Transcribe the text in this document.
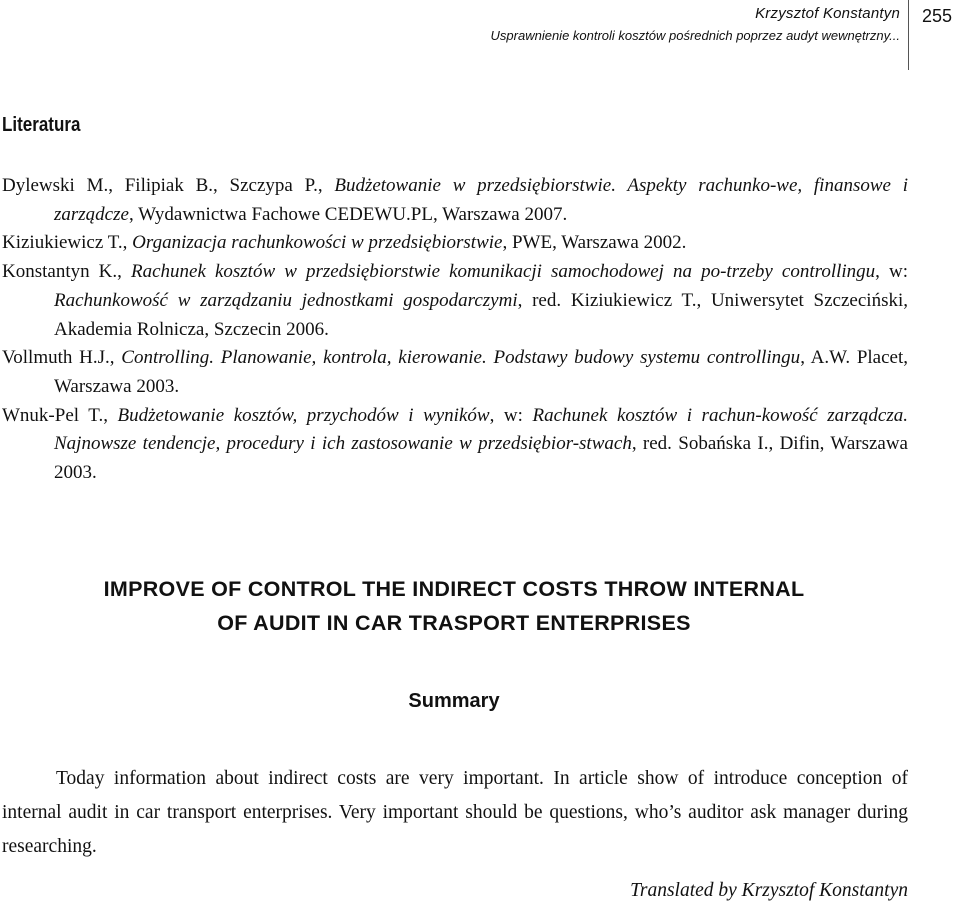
Krzysztof Konstantyn
Usprawnienie kontroli kosztów pośrednich poprzez audyt wewnętrzny...
255
Literatura
Dylewski M., Filipiak B., Szczypa P., Budżetowanie w przedsiębiorstwie. Aspekty rachunko-we, finansowe i zarządcze, Wydawnictwa Fachowe CEDEWU.PL, Warszawa 2007.
Kiziukiewicz T., Organizacja rachunkowości w przedsiębiorstwie, PWE, Warszawa 2002.
Konstantyn K., Rachunek kosztów w przedsiębiorstwie komunikacji samochodowej na po-trzeby controllingu, w: Rachunkowość w zarządzaniu jednostkami gospodarczymi, red. Kiziukiewicz T., Uniwersytet Szczeciński, Akademia Rolnicza, Szczecin 2006.
Vollmuth H.J., Controlling. Planowanie, kontrola, kierowanie. Podstawy budowy systemu controllingu, A.W. Placet, Warszawa 2003.
Wnuk-Pel T., Budżetowanie kosztów, przychodów i wyników, w: Rachunek kosztów i rachun-kowość zarządcza. Najnowsze tendencje, procedury i ich zastosowanie w przedsiębior-stwach, red. Sobańska I., Difin, Warszawa 2003.
IMPROVE OF CONTROL THE INDIRECT COSTS THROW INTERNAL
OF AUDIT IN CAR TRASPORT ENTERPRISES
Summary
Today information about indirect costs are very important. In article show of introduce conception of internal audit in car transport enterprises. Very important should be questions, who’s auditor ask manager during researching.
Translated by Krzysztof Konstantyn
